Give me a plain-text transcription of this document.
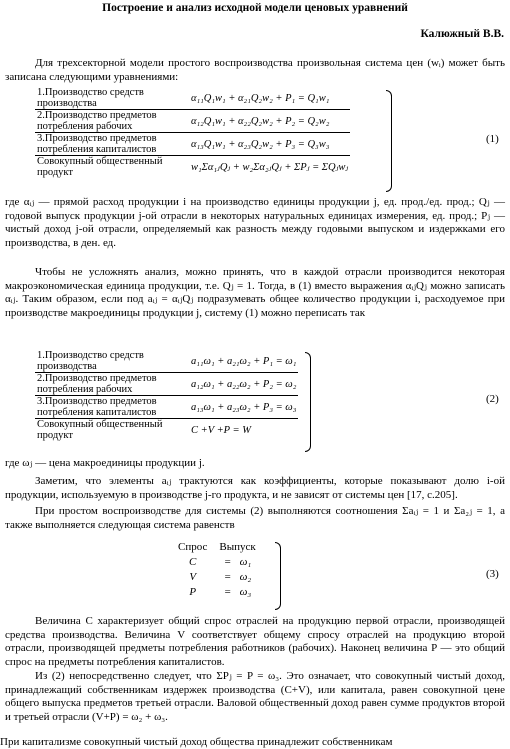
Построение и анализ исходной модели ценовых уравнений
Калюжный В.В.
Для трехсекторной модели простого воспроизводства произвольная система цен (wᵢ) может быть записана следующими уравнениями:
1.Производство средств производства	α₁₁Q₁w₁ + α₂₁Q₂w₂ + P₁ = Q₁w₁
2.Производство предметов потребления рабочих	α₁₂Q₁w₁ + α₂₂Q₂w₂ + P₂ = Q₂w₂
3.Производство предметов потребления капиталистов	α₁₃Q₁w₁ + α₂₃Q₂w₂ + P₃ = Q₃w₃
Совокупный общественный продукт	w₁Σα₁ⱼQⱼ + w₂Σα₂ⱼQⱼ + ΣPⱼ = ΣQⱼwⱼ
(1)
где αᵢⱼ — прямой расход продукции i на производство единицы продукции j, ед. прод./ед. прод.; Qⱼ — годовой выпуск продукции j-ой отрасли в некоторых натуральных единицах измерения, ед. прод.; Pⱼ — чистый доход j-ой отрасли, определяемый как разность между годовыми выпуском и издержками его производства, в ден. ед.
Чтобы не усложнять анализ, можно принять, что в каждой отрасли производится некоторая макроэкономическая единица продукции, т.е. Qⱼ = 1. Тогда, в (1) вместо выражения αᵢⱼQⱼ можно записать αᵢⱼ. Таким образом, если под aᵢⱼ = αᵢⱼQⱼ подразумевать общее количество продукции i, расходуемое при производстве макроединицы продукции j, систему (1) можно переписать так
1.Производство средств производства	a₁₁ω₁ + a₂₁ω₂ + P₁ = ω₁
2.Производство предметов потребления рабочих	a₁₂ω₁ + a₂₂ω₂ + P₂ = ω₂
3.Производство предметов потребления капиталистов	a₁₃ω₁ + a₂₃ω₂ + P₃ = ω₃
Совокупный общественный продукт	C +V +P = W
(2)
где ωⱼ — цена макроединицы продукции j.
Заметим, что элементы aᵢⱼ трактуются как коэффициенты, которые показывают долю i-ой продукции, используемую в производстве j-го продукта, и не зависят от системы цен [17, с.205].
При простом воспроизводстве для системы (2) выполняются соотношения Σaᵢⱼ = 1 и Σa₂ⱼ = 1, а также выполняется следующая система равенств
Спрос	Выпуск
C	= ω₁
V	= ω₂
P	= ω₃
(3)
Величина C характеризует общий спрос отраслей на продукцию первой отрасли, производящей средства производства. Величина V соответствует общему спросу отраслей на продукцию второй отрасли, производящей предметы потребления работников (рабочих). Наконец величина P — это общий спрос на предметы потребления капиталистов.
Из (2) непосредственно следует, что ΣPⱼ = P = ω₃. Это означает, что совокупный чистый доход, принадлежащий собственникам издержек производства (C+V), или капитала, равен совокупной цене общего выпуска предметов третьей отрасли. Валовой общественный доход равен сумме продуктов второй и третьей отрасли (V+P) = ω₂ + ω₃.
При капитализме совокупный чистый доход общества принадлежит собственникам
